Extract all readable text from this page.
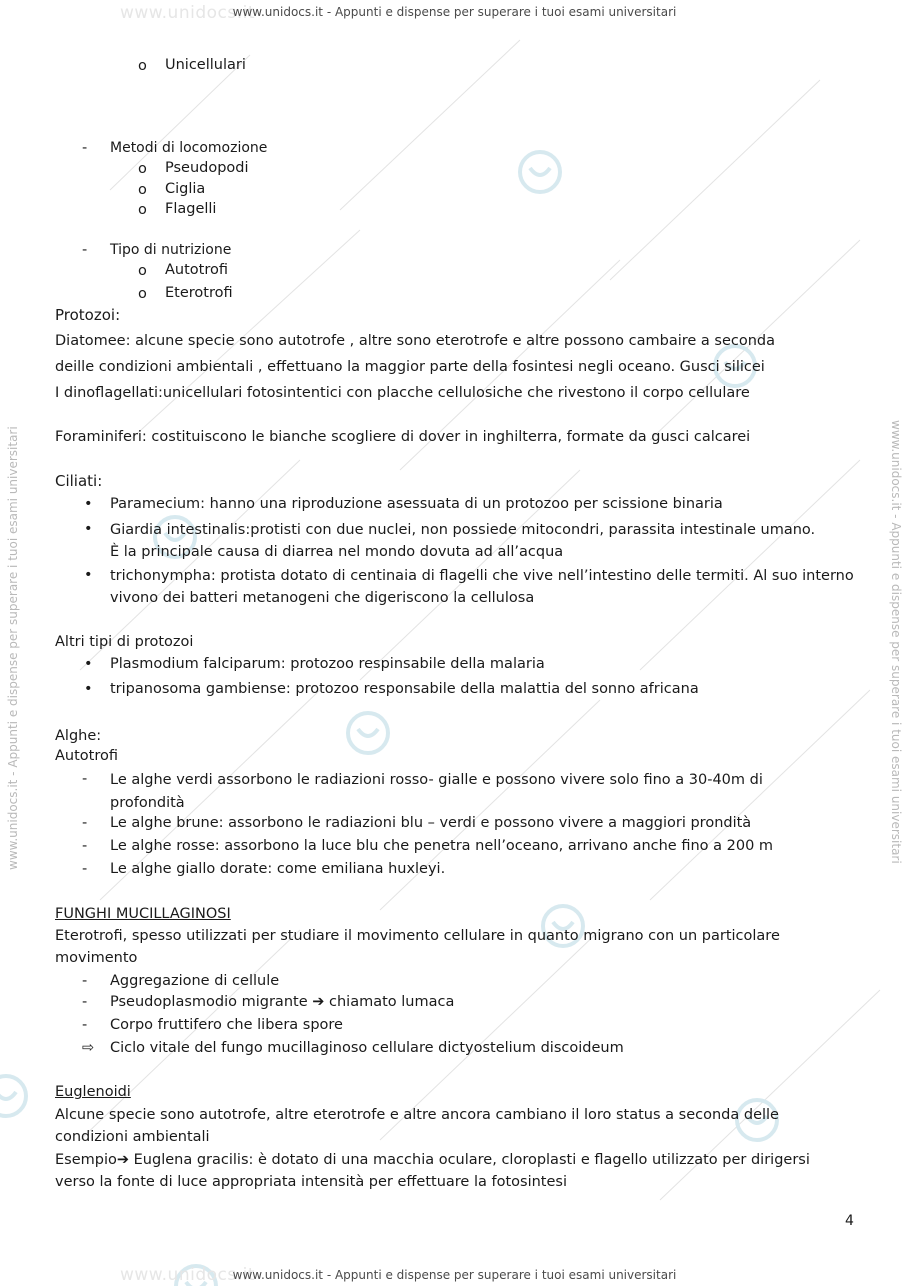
www.unidocs.it
www.unidocs.it
www.unidocs.it - Appunti e dispense per superare i tuoi esami universitari
www.unidocs.it - Appunti e dispense per superare i tuoi esami universitari
www.unidocs.it - Appunti e dispense per superare i tuoi esami universitari	www.unidocs.it - Appunti e dispense per superare i tuoi esami universitari
o Unicellulari
- Metodi di locomozione
o Pseudopodi
o Ciglia
o Flagelli
- Tipo di nutrizione
o Autotrofi
o Eterotrofi
Protozoi:
Diatomee: alcune specie sono autotrofe , altre sono eterotrofe e altre possono cambaire a seconda
deille condizioni ambientali , effettuano la maggior parte della fosintesi negli oceano. Gusci silicei
I dinoflagellati:unicellulari fotosintentici con placche cellulosiche che rivestono il corpo cellulare
Foraminiferi: costituiscono le bianche scogliere di dover in inghilterra, formate da gusci calcarei
Ciliati:
• Paramecium: hanno una riproduzione asessuata di un protozoo per scissione binaria
• Giardia intestinalis:protisti con due nuclei, non possiede mitocondri, parassita intestinale umano. È la principale causa di diarrea nel mondo dovuta ad all’acqua
• trichonympha: protista dotato di centinaia di flagelli che vive nell’intestino delle termiti. Al suo interno vivono dei batteri metanogeni che digeriscono la cellulosa
Altri tipi di protozoi
• Plasmodium falciparum: protozoo respinsabile della malaria
• tripanosoma gambiense: protozoo responsabile della malattia del sonno africana
Alghe:
Autotrofi
- Le alghe verdi assorbono le radiazioni rosso- gialle e possono vivere solo fino a 30-40m di profondità
- Le alghe brune: assorbono le radiazioni blu – verdi e possono vivere a maggiori prondità
- Le alghe rosse: assorbono la luce blu che penetra nell’oceano, arrivano anche fino a 200 m
- Le alghe giallo dorate: come emiliana huxleyi.
FUNGHI MUCILLAGINOSI
Eterotrofi, spesso utilizzati per studiare il movimento cellulare in quanto migrano con un particolare movimento
- Aggregazione di cellule
- Pseudoplasmodio migrante ➔ chiamato lumaca
- Corpo fruttifero che libera spore
⇨ Ciclo vitale del fungo mucillaginoso cellulare dictyostelium discoideum
Euglenoidi
Alcune specie sono autotrofe, altre eterotrofe e altre ancora cambiano il loro status a seconda delle condizioni ambientali
Esempio➔ Euglena gracilis: è dotato di una macchia oculare, cloroplasti e flagello utilizzato per dirigersi verso la fonte di luce appropriata intensità per effettuare la fotosintesi
4
